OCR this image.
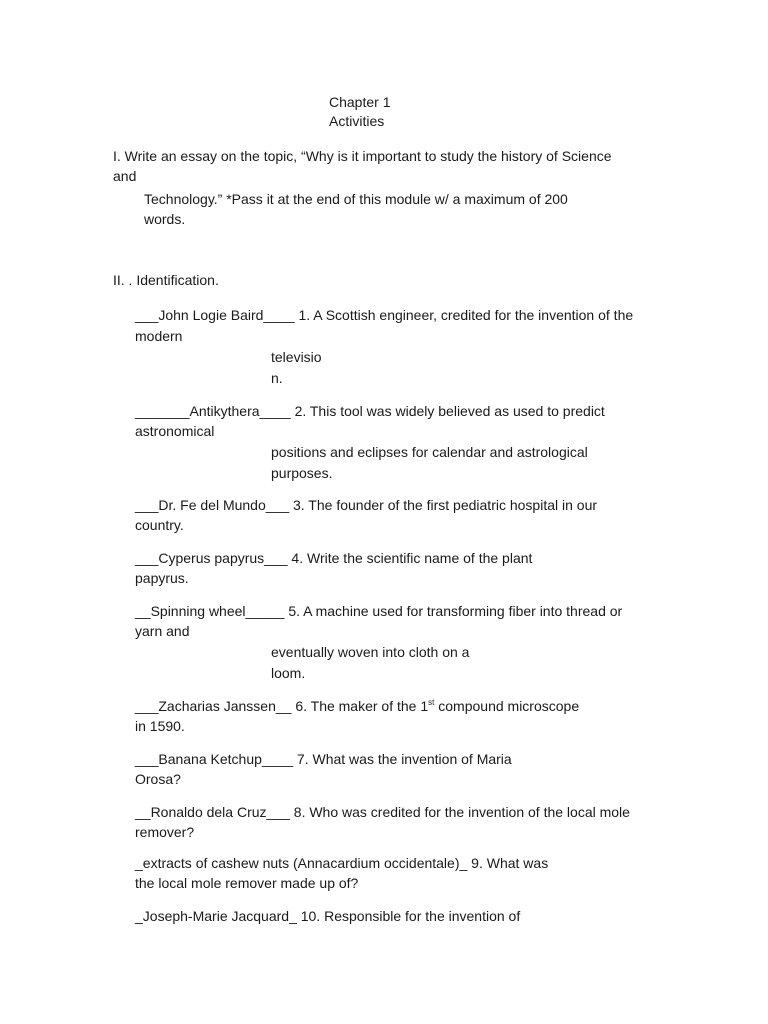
Chapter 1

Activities

I. Write an essay on the topic, “Why is it important to study the history of Science

and

Technology.” *Pass it at the end of this module w/ a maximum of 200

words.

II. . Identification.

___John Logie Baird____ 1. A Scottish engineer, credited for the invention of the

modern

televisio

n.

_______Antikythera____ 2. This tool was widely believed as used to predict

astronomical

positions and eclipses for calendar and astrological

purposes.

___Dr. Fe del Mundo___ 3. The founder of the first pediatric hospital in our

country.

___Cyperus papyrus___ 4. Write the scientific name of the plant

papyrus.

__Spinning wheel_____ 5. A machine used for transforming fiber into thread or

yarn and

eventually woven into cloth on a

loom.

___Zacharias Janssen__ 6. The maker of the 1st compound microscope

in 1590.

___Banana Ketchup____ 7. What was the invention of Maria

Orosa?

__Ronaldo dela Cruz___ 8. Who was credited for the invention of the local mole

remover?

_extracts of cashew nuts (Annacardium occidentale)_ 9. What was

the local mole remover made up of?

_Joseph-Marie Jacquard_ 10. Responsible for the invention of
